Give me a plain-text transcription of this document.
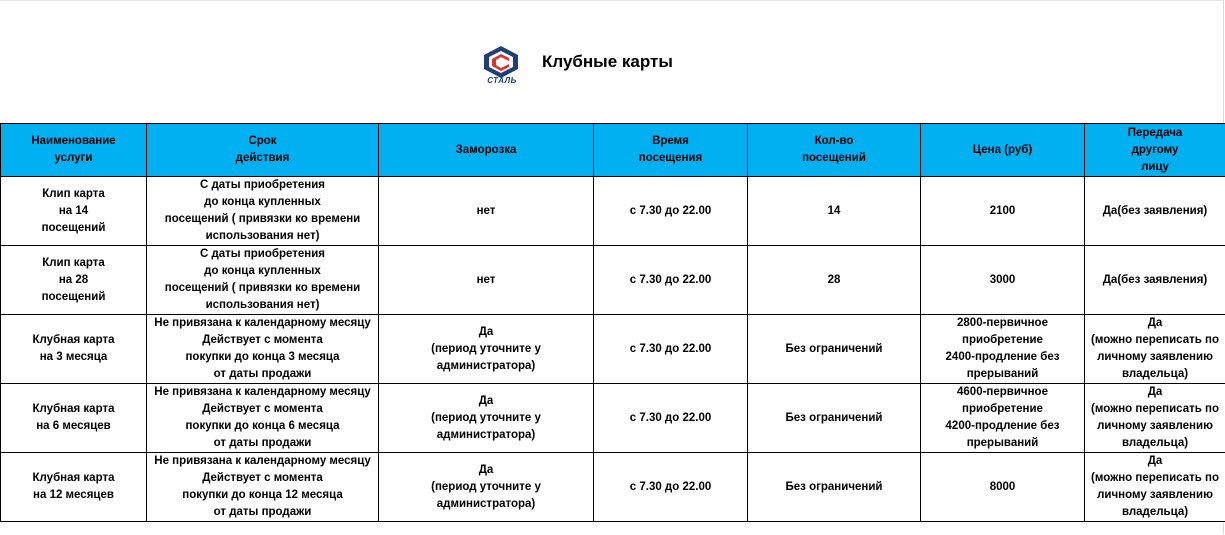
СТАЛЬ
Клубные карты
Наименование
услуги	Срок
действия	Заморозка	Время
посещения	Кол-во
посещений	Цена (руб)	Передача
другому
лицу
Клип карта
на 14
посещений	С даты приобретения
до конца купленных
посещений ( привязки ко времени
использования нет)	нет	с 7.30 до 22.00	14	2100	Да(без заявления)
Клип карта
на 28
посещений	С даты приобретения
до конца купленных
посещений ( привязки ко времени
использования нет)	нет	с 7.30 до 22.00	28	3000	Да(без заявления)
Клубная карта
на 3 месяца	Не привязана к календарному месяцу
Действует с момента
покупки до конца 3 месяца
от даты продажи	Да
(период уточните у
администратора)	с 7.30 до 22.00	Без ограничений	2800-первичное
приобретение
2400-продление без
прерываний	Да
(можно переписать по
личному заявлению
владельца)
Клубная карта
на 6 месяцев	Не привязана к календарному месяцу
Действует с момента
покупки до конца 6 месяца
от даты продажи	Да
(период уточните у
администратора)	с 7.30 до 22.00	Без ограничений	4600-первичное
приобретение
4200-продление без
прерываний	Да
(можно переписать по
личному заявлению
владельца)
Клубная карта
на 12 месяцев	Не привязана к календарному месяцу
Действует с момента
покупки до конца 12 месяца
от даты продажи	Да
(период уточните у
администратора)	с 7.30 до 22.00	Без ограничений	8000	Да
(можно переписать по
личному заявлению
владельца)
